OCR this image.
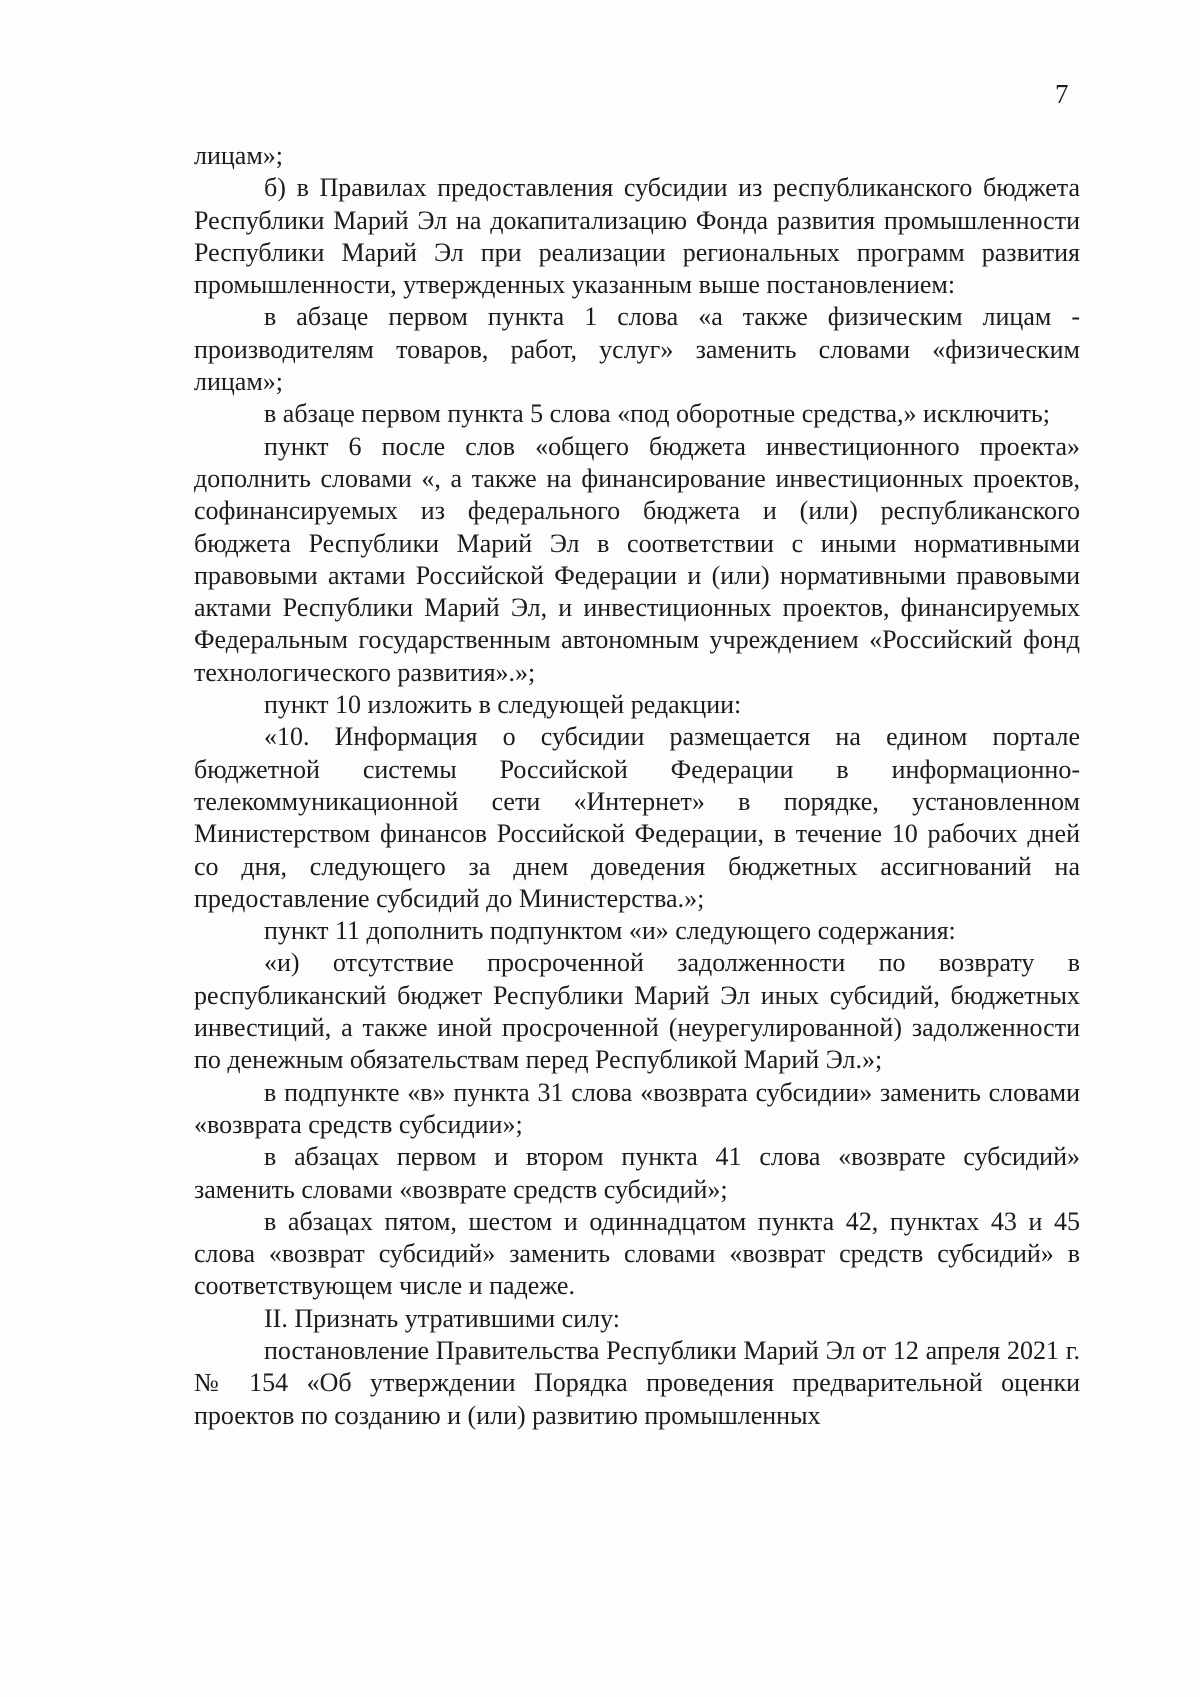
7

лицам»;

б) в Правилах предоставления субсидии из республиканского бюджета Республики Марий Эл на докапитализацию Фонда развития промышленности Республики Марий Эл при реализации региональных программ развития промышленности, утвержденных указанным выше постановлением:

в абзаце первом пункта 1 слова «а также физическим лицам - производителям товаров, работ, услуг» заменить словами «физическим лицам»;

в абзаце первом пункта 5 слова «под оборотные средства,» исключить;

пункт 6 после слов «общего бюджета инвестиционного проекта» дополнить словами «, а также на финансирование инвестиционных проектов, софинансируемых из федерального бюджета и (или) республиканского бюджета Республики Марий Эл в соответствии с иными нормативными правовыми актами Российской Федерации и (или) нормативными правовыми актами Республики Марий Эл, и инвестиционных проектов, финансируемых Федеральным государственным автономным учреждением «Российский фонд технологического развития».»;

пункт 10 изложить в следующей редакции:

«10. Информация о субсидии размещается на едином портале бюджетной системы Российской Федерации в информационно-телекоммуникационной сети «Интернет» в порядке, установленном Министерством финансов Российской Федерации, в течение 10 рабочих дней со дня, следующего за днем доведения бюджетных ассигнований на предоставление субсидий до Министерства.»;

пункт 11 дополнить подпунктом «и» следующего содержания:

«и) отсутствие просроченной задолженности по возврату в республиканский бюджет Республики Марий Эл иных субсидий, бюджетных инвестиций, а также иной просроченной (неурегулированной) задолженности по денежным обязательствам перед Республикой Марий Эл.»;

в подпункте «в» пункта 31 слова «возврата субсидии» заменить словами «возврата средств субсидии»;

в абзацах первом и втором пункта 41 слова «возврате субсидий» заменить словами «возврате средств субсидий»;

в абзацах пятом, шестом и одиннадцатом пункта 42, пунктах 43 и 45 слова «возврат субсидий» заменить словами «возврат средств субсидий» в соответствующем числе и падеже.

II. Признать утратившими силу:

постановление Правительства Республики Марий Эл от 12 апреля 2021 г. № 154 «Об утверждении Порядка проведения предварительной оценки проектов по созданию и (или) развитию промышленных
